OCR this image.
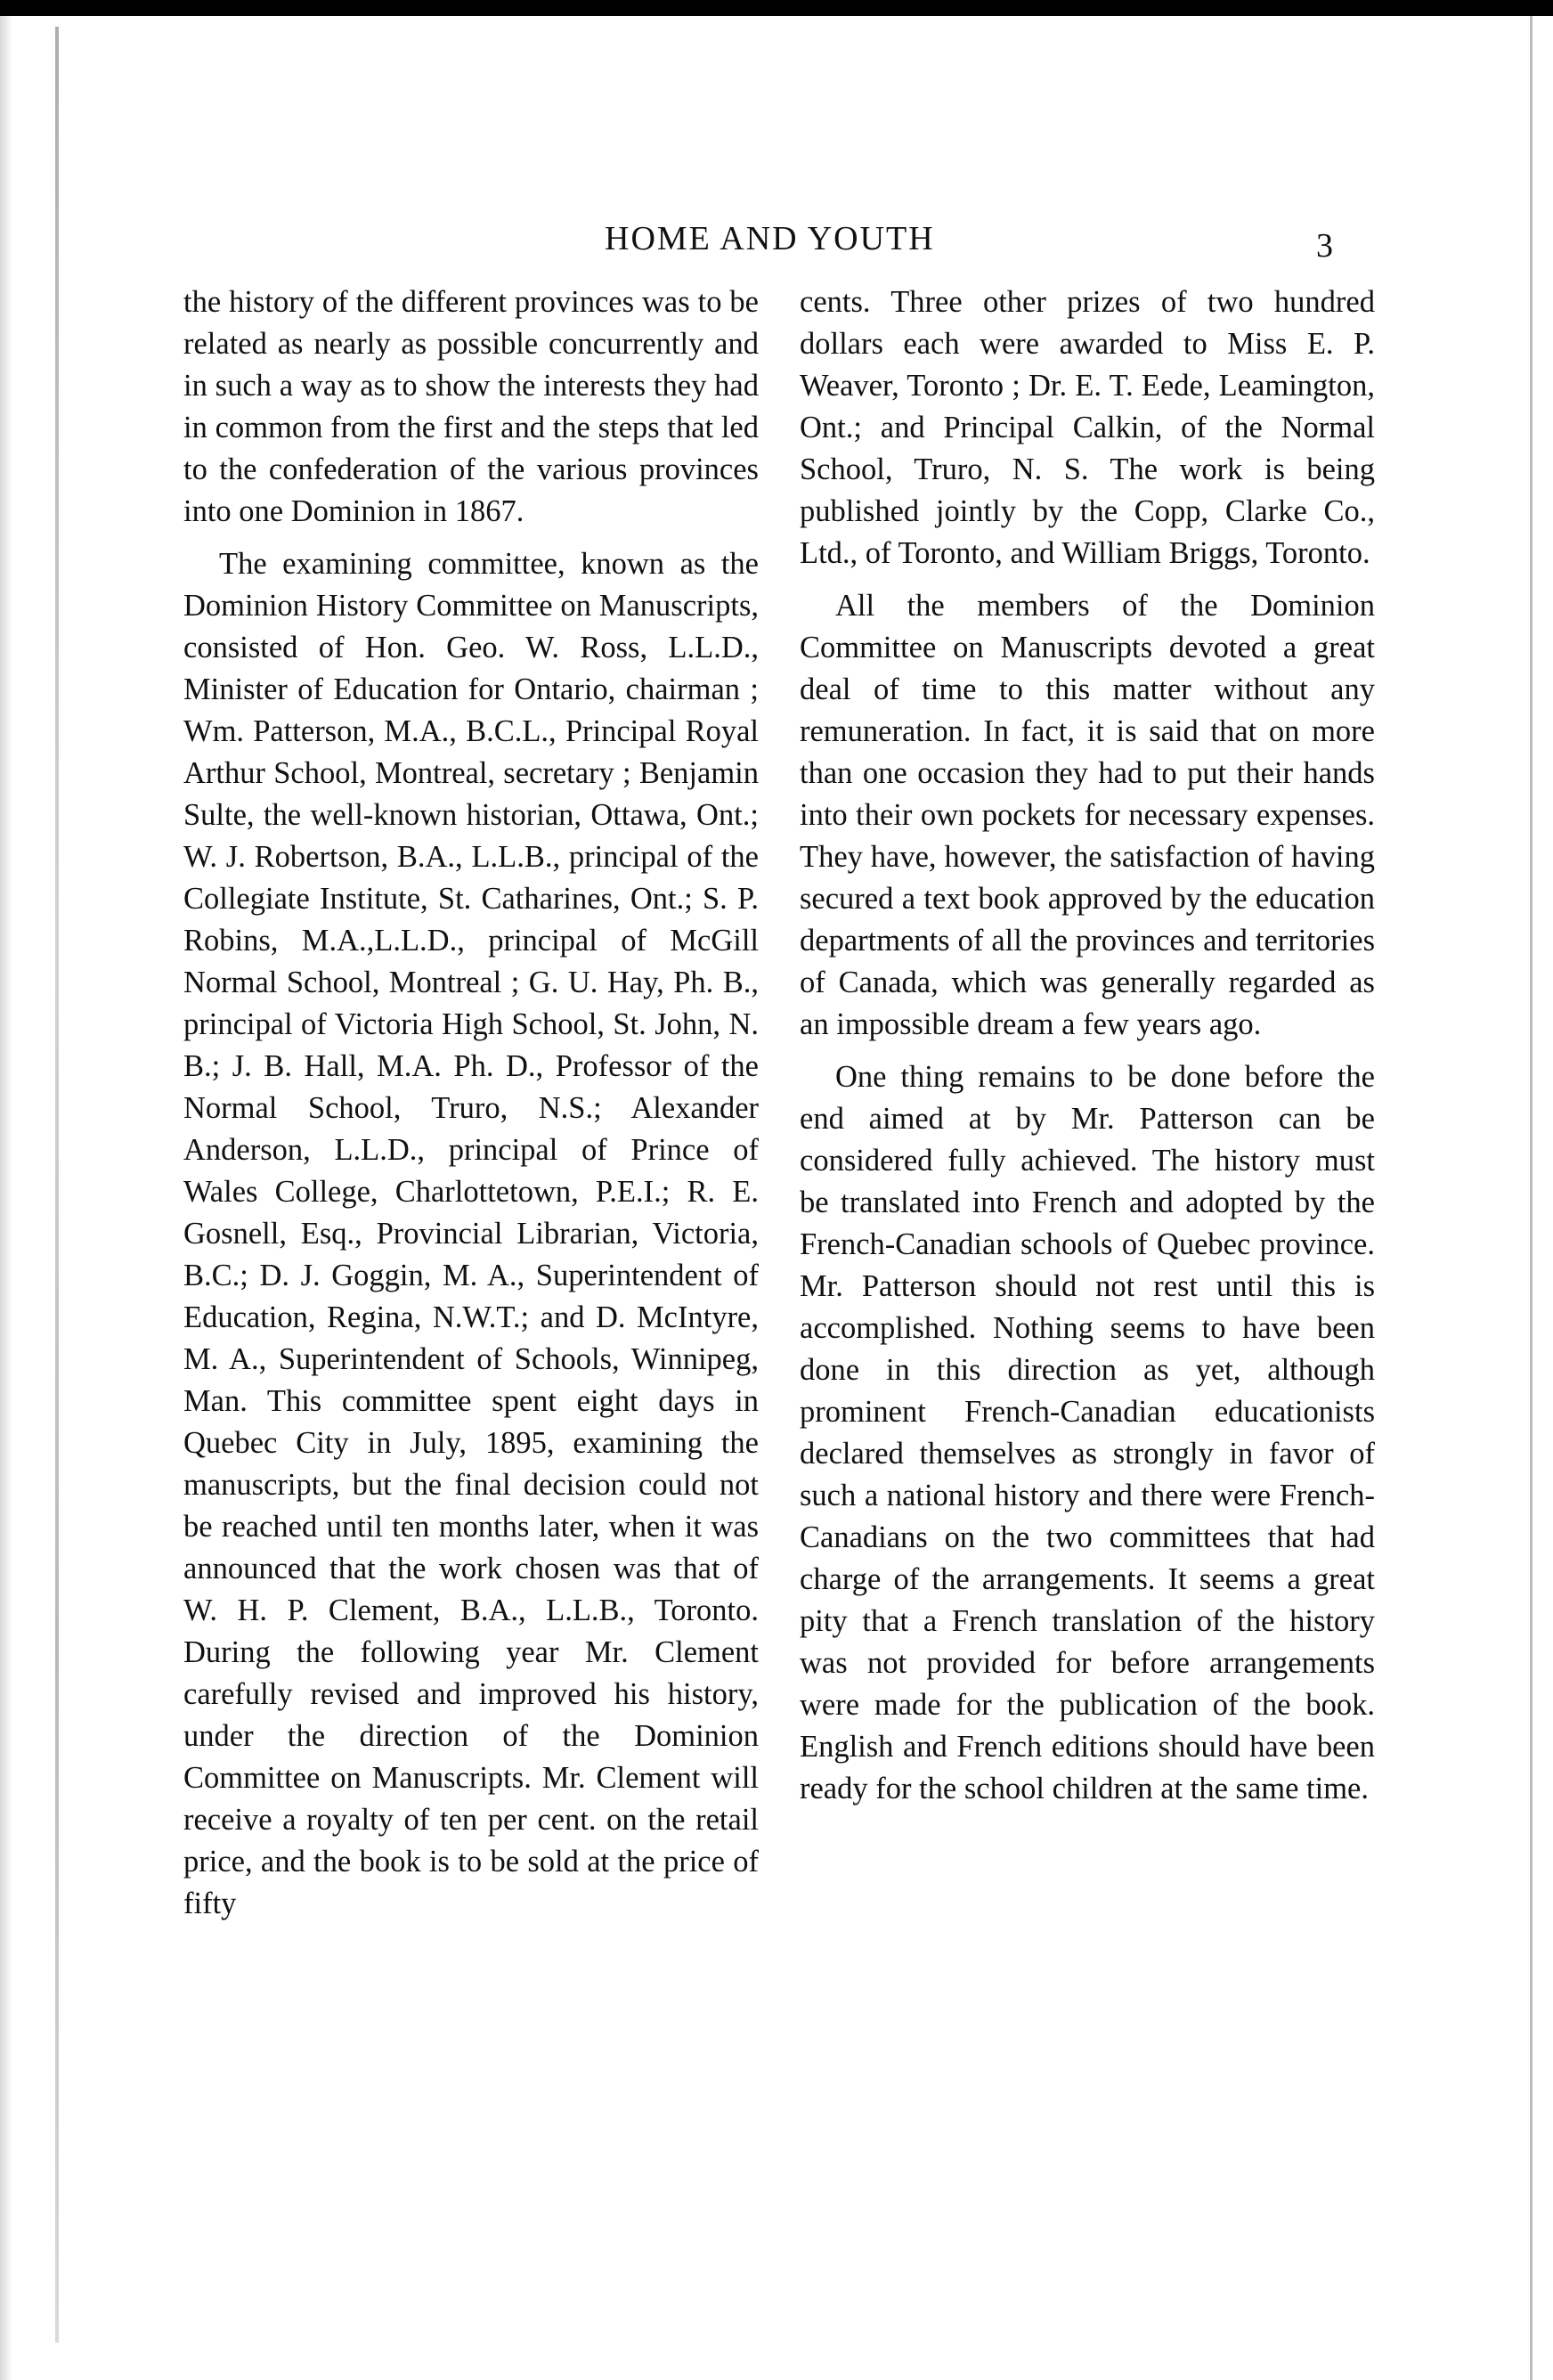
HOME AND YOUTH	3

the history of the different provinces was to be related as nearly as possible concurrently and in such a way as to show the interests they had in common from the first and the steps that led to the confederation of the various provinces into one Dominion in 1867.

The examining committee, known as the Dominion History Committee on Manuscripts, consisted of Hon. Geo. W. Ross, L.L.D., Minister of Education for Ontario, chairman ; Wm. Patterson, M.A., B.C.L., Principal Royal Arthur School, Montreal, secretary ; Benjamin Sulte, the well-known historian, Ottawa, Ont.; W. J. Robertson, B.A., L.L.B., principal of the Collegiate Institute, St. Catharines, Ont.; S. P. Robins, M.A.,L.L.D., principal of McGill Normal School, Montreal ; G. U. Hay, Ph. B., principal of Victoria High School, St. John, N. B.; J. B. Hall, M.A. Ph. D., Professor of the Normal School, Truro, N.S.; Alexander Anderson, L.L.D., principal of Prince of Wales College, Charlottetown, P.E.I.; R. E. Gosnell, Esq., Provincial Librarian, Victoria, B.C.; D. J. Goggin, M. A., Superintendent of Education, Regina, N.W.T.; and D. McIntyre, M. A., Superintendent of Schools, Winnipeg, Man. This committee spent eight days in Quebec City in July, 1895, examining the manuscripts, but the final decision could not be reached until ten months later, when it was announced that the work chosen was that of W. H. P. Clement, B.A., L.L.B., Toronto. During the following year Mr. Clement carefully revised and improved his history, under the direction of the Dominion Committee on Manuscripts. Mr. Clement will receive a royalty of ten per cent. on the retail price, and the book is to be sold at the price of fifty

cents. Three other prizes of two hundred dollars each were awarded to Miss E. P. Weaver, Toronto ; Dr. E. T. Eede, Leamington, Ont.; and Principal Calkin, of the Normal School, Truro, N. S. The work is being published jointly by the Copp, Clarke Co., Ltd., of Toronto, and William Briggs, Toronto.

All the members of the Dominion Committee on Manuscripts devoted a great deal of time to this matter without any remuneration. In fact, it is said that on more than one occasion they had to put their hands into their own pockets for necessary expenses. They have, however, the satisfaction of having secured a text book approved by the education departments of all the provinces and territories of Canada, which was generally regarded as an impossible dream a few years ago.

One thing remains to be done before the end aimed at by Mr. Patterson can be considered fully achieved. The history must be translated into French and adopted by the French-Canadian schools of Quebec province. Mr. Patterson should not rest until this is accomplished. Nothing seems to have been done in this direction as yet, although prominent French-Canadian educationists declared themselves as strongly in favor of such a national history and there were French-Canadians on the two committees that had charge of the arrangements. It seems a great pity that a French translation of the history was not provided for before arrangements were made for the publication of the book. English and French editions should have been ready for the school children at the same time.
